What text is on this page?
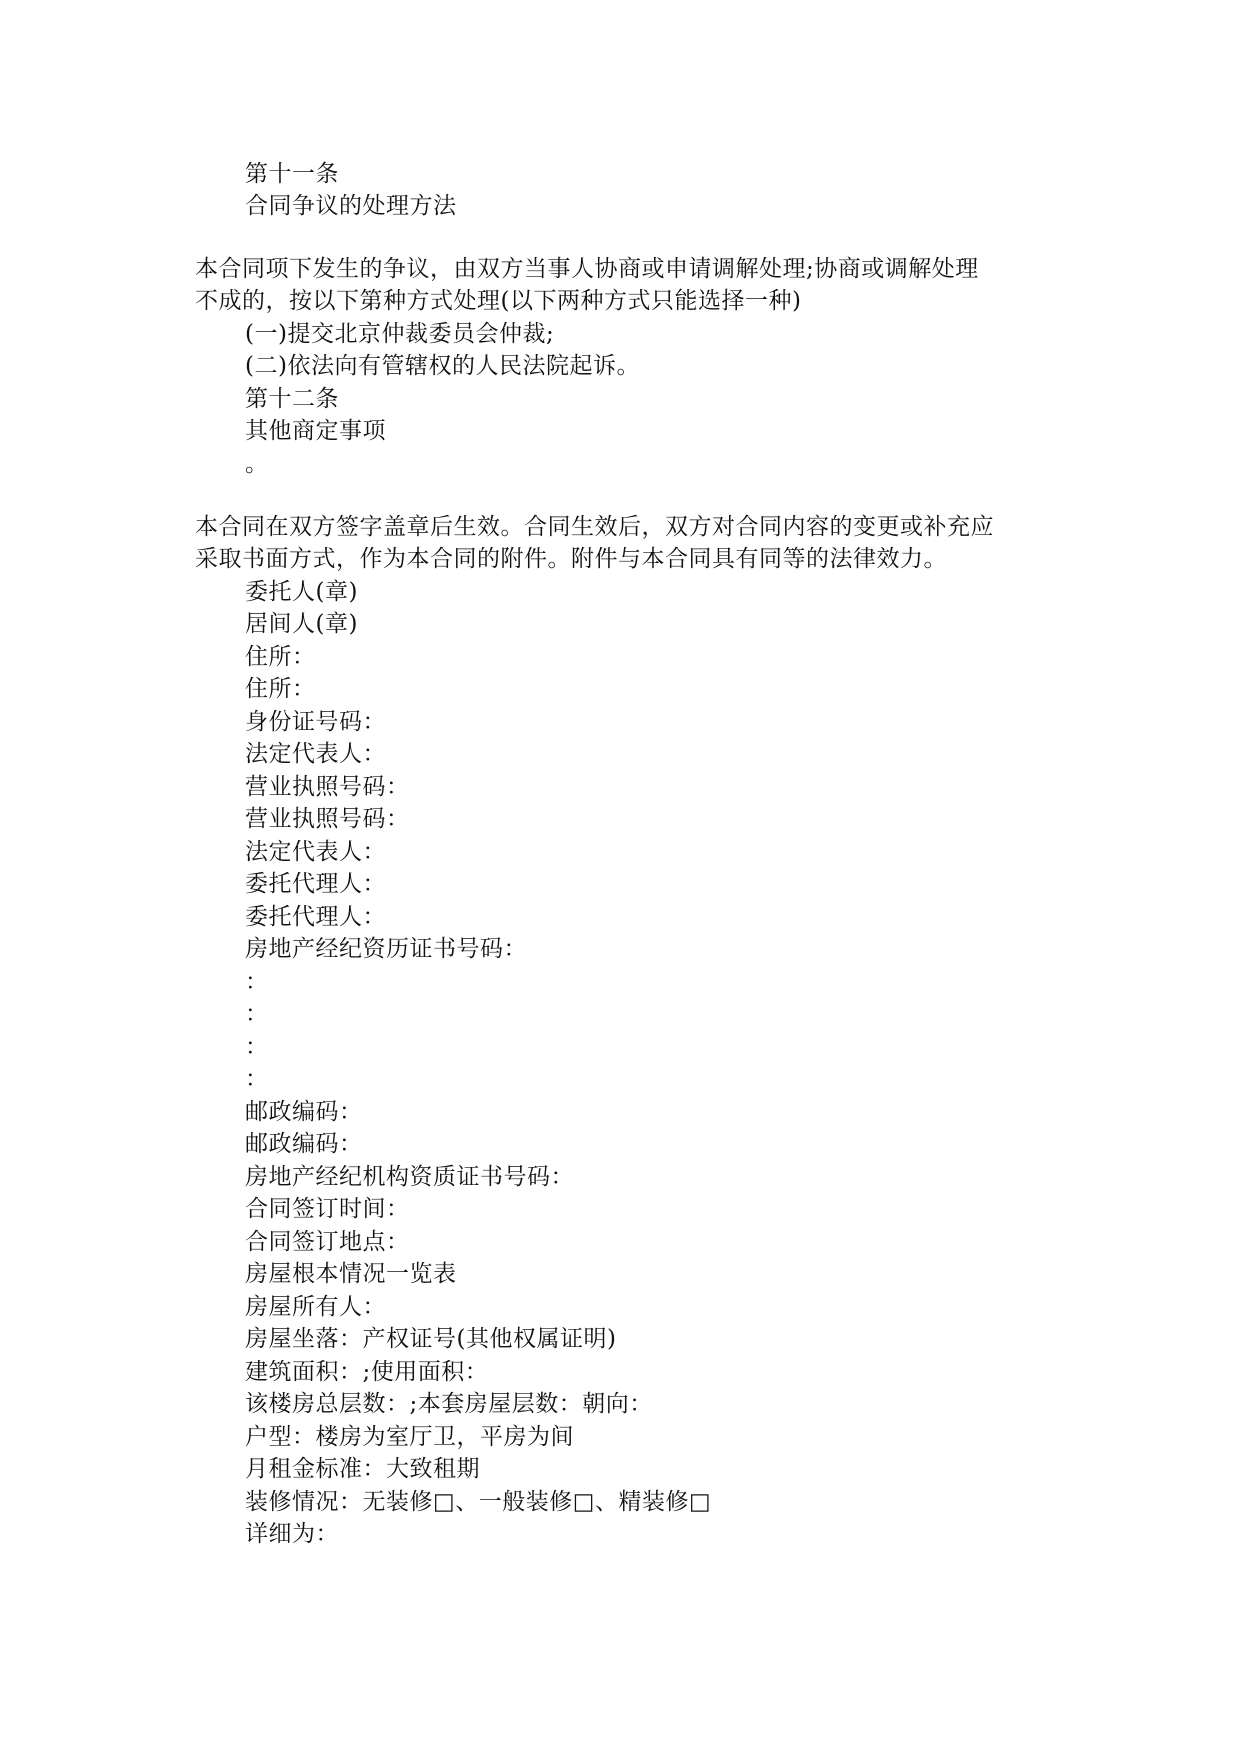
第十一条
合同争议的处理方法
本合同项下发生的争议，由双方当事人协商或申请调解处理;协商或调解处理
不成的，按以下第种方式处理(以下两种方式只能选择一种)
(一)提交北京仲裁委员会仲裁;
(二)依法向有管辖权的人民法院起诉。
第十二条
其他商定事项
。
本合同在双方签字盖章后生效。合同生效后，双方对合同内容的变更或补充应
采取书面方式，作为本合同的附件。附件与本合同具有同等的法律效力。
委托人(章)
居间人(章)
住所：
住所：
身份证号码：
法定代表人：
营业执照号码：
营业执照号码：
法定代表人：
委托代理人：
委托代理人：
房地产经纪资历证书号码：
：
：
：
：
邮政编码：
邮政编码：
房地产经纪机构资质证书号码：
合同签订时间：
合同签订地点：
房屋根本情况一览表
房屋所有人：
房屋坐落：产权证号(其他权属证明)
建筑面积：;使用面积：
该楼房总层数：;本套房屋层数：朝向：
户型：楼房为室厅卫，平房为间
月租金标准：大致租期
装修情况：无装修□、一般装修□、精装修□
详细为：
